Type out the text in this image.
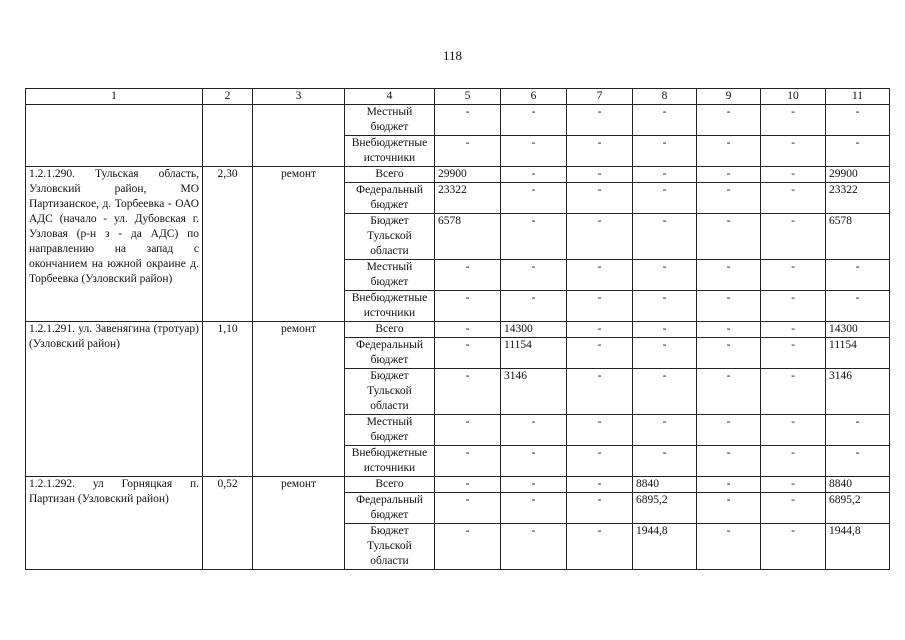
118
1	2	3	4	5	6	7	8	9	10	11
			Местный бюджет	-	-	-	-	-	-	-
			Внебюджетные источники	-	-	-	-	-	-	-
1.2.1.290. Тульская область, Узловский район, МО Партизанское, д. Торбеевка - ОАО АДС (начало - ул. Дубовская г. Узловая (р-н з - да АДС) по направлению на запад с окончанием на южной окраине д. Торбеевка (Узловский район)	2,30	ремонт	Всего	29900	-	-	-	-	-	29900
			Федеральный бюджет	23322	-	-	-	-	-	23322
			Бюджет Тульской области	6578	-	-	-	-	-	6578
			Местный бюджет	-	-	-	-	-	-	-
			Внебюджетные источники	-	-	-	-	-	-	-
1.2.1.291. ул. Завенягина (тротуар) (Узловский район)	1,10	ремонт	Всего	-	14300	-	-	-	-	14300
			Федеральный бюджет	-	11154	-	-	-	-	11154
			Бюджет Тульской области	-	3146	-	-	-	-	3146
			Местный бюджет	-	-	-	-	-	-	-
			Внебюджетные источники	-	-	-	-	-	-	-
1.2.1.292. ул Горняцкая п. Партизан (Узловский район)	0,52	ремонт	Всего	-	-	-	8840	-	-	8840
			Федеральный бюджет	-	-	-	6895,2	-	-	6895,2
			Бюджет Тульской области	-	-	-	1944,8	-	-	1944,8
